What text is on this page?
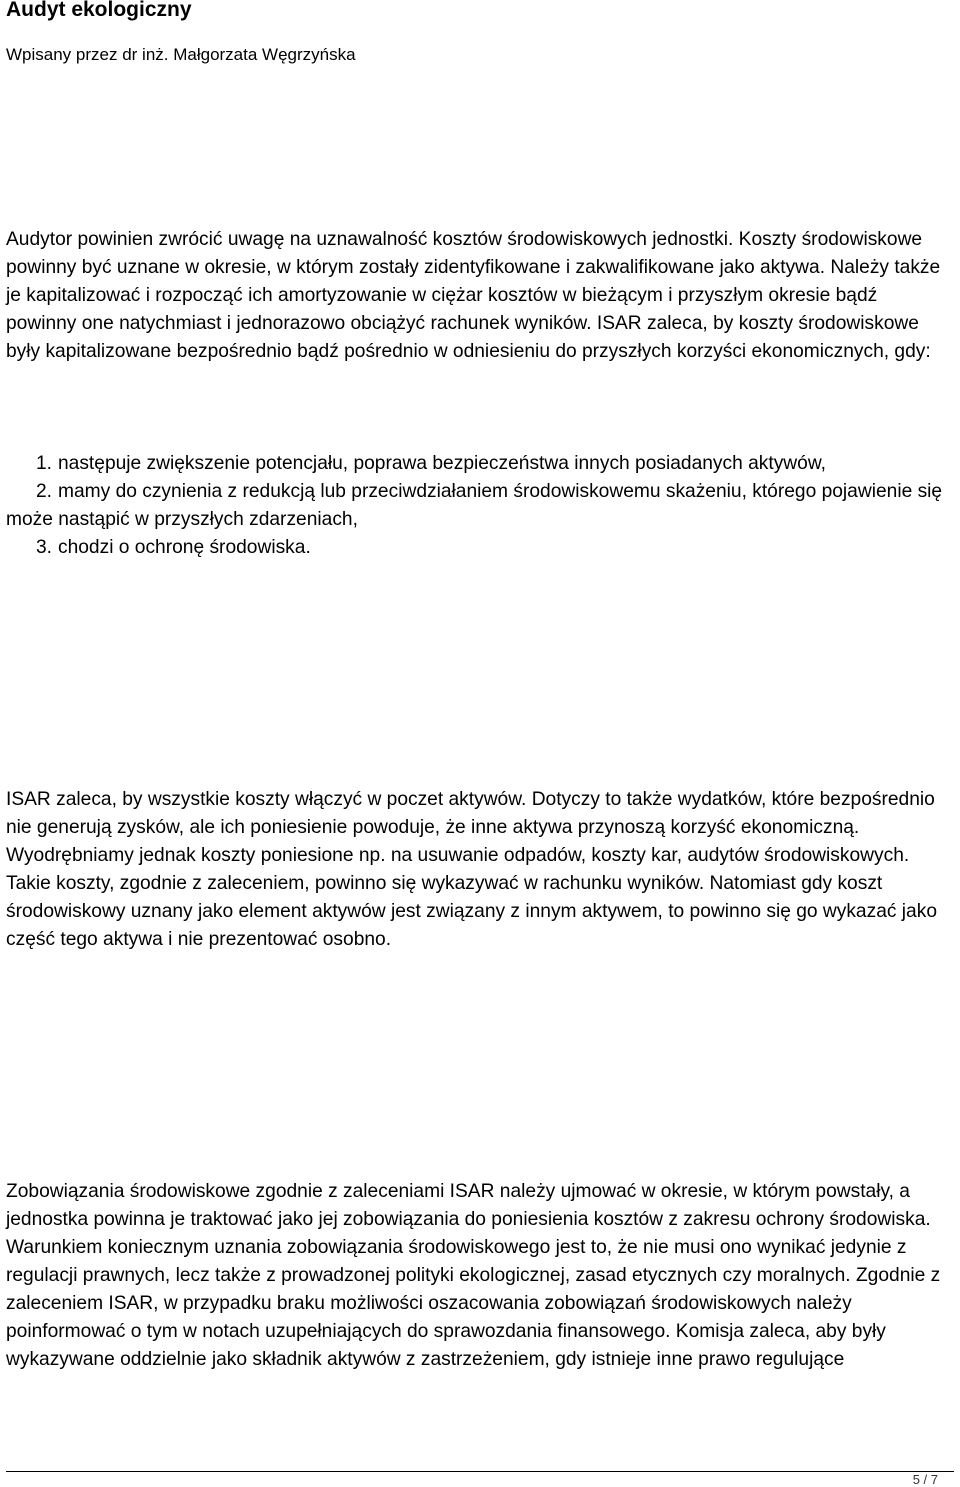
Audyt ekologiczny

Wpisany przez dr inż. Małgorzata Węgrzyńska

Audytor powinien zwrócić uwagę na uznawalność kosztów środowiskowych jednostki. Koszty środowiskowe powinny być uznane w okresie, w którym zostały zidentyfikowane i zakwalifikowane jako aktywa. Należy także je kapitalizować i rozpocząć ich amortyzowanie w ciężar kosztów w bieżącym i przyszłym okresie bądź powinny one natychmiast i jednorazowo obciążyć rachunek wyników. ISAR zaleca, by koszty środowiskowe były kapitalizowane bezpośrednio bądź pośrednio w odniesieniu do przyszłych korzyści ekonomicznych, gdy:

1. następuje zwiększenie potencjału, poprawa bezpieczeństwa innych posiadanych aktywów,
2. mamy do czynienia z redukcją lub przeciwdziałaniem środowiskowemu skażeniu, którego pojawienie się może nastąpić w przyszłych zdarzeniach,
3. chodzi o ochronę środowiska.

ISAR zaleca, by wszystkie koszty włączyć w poczet aktywów. Dotyczy to także wydatków, które bezpośrednio nie generują zysków, ale ich poniesienie powoduje, że inne aktywa przynoszą korzyść ekonomiczną. Wyodrębniamy jednak koszty poniesione np. na usuwanie odpadów, koszty kar, audytów środowiskowych. Takie koszty, zgodnie z zaleceniem, powinno się wykazywać w rachunku wyników. Natomiast gdy koszt środowiskowy uznany jako element aktywów jest związany z innym aktywem, to powinno się go wykazać jako część tego aktywa i nie prezentować osobno.

Zobowiązania środowiskowe zgodnie z zaleceniami ISAR należy ujmować w okresie, w którym powstały, a jednostka powinna je traktować jako jej zobowiązania do poniesienia kosztów z zakresu ochrony środowiska. Warunkiem koniecznym uznania zobowiązania środowiskowego jest to, że nie musi ono wynikać jedynie z regulacji prawnych, lecz także z prowadzonej polityki ekologicznej, zasad etycznych czy moralnych. Zgodnie z zaleceniem ISAR, w przypadku braku możliwości oszacowania zobowiązań środowiskowych należy poinformować o tym w notach uzupełniających do sprawozdania finansowego. Komisja zaleca, aby były wykazywane oddzielnie jako składnik aktywów z zastrzeżeniem, gdy istnieje inne prawo regulujące

5 / 7
